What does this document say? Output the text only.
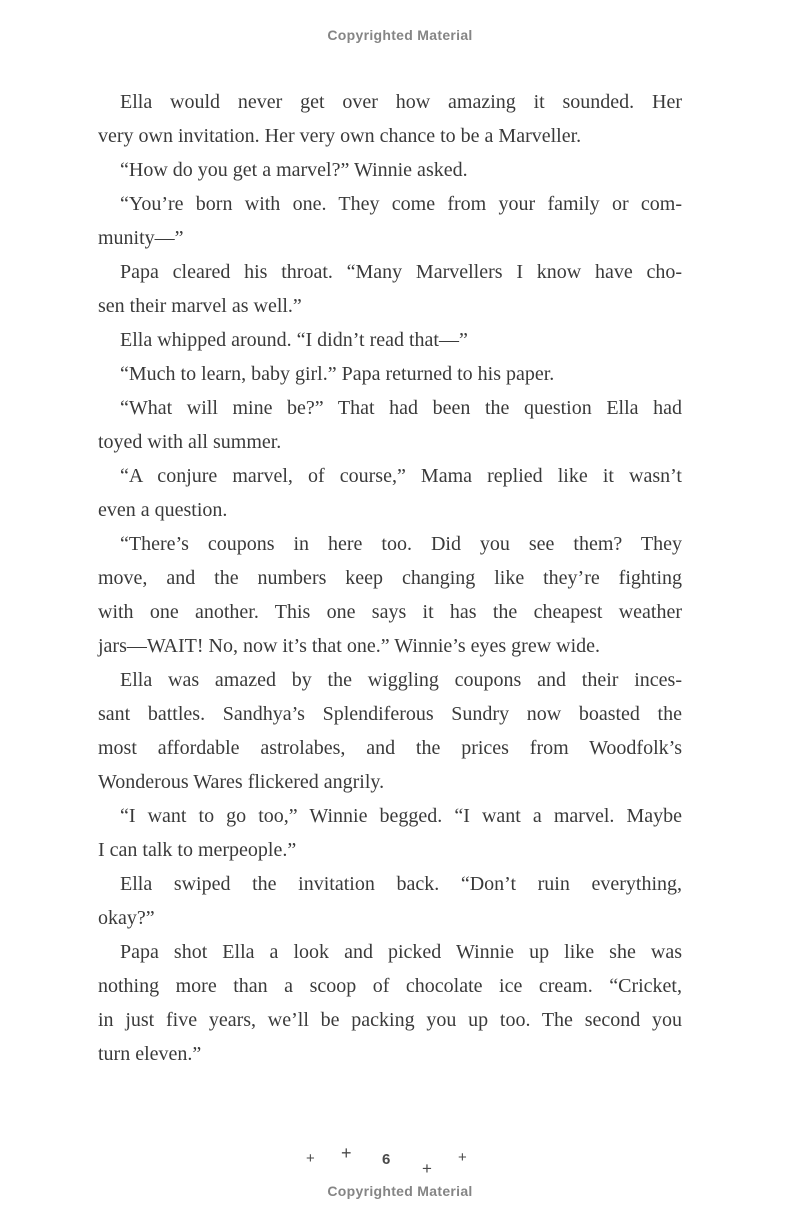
Copyrighted Material
Ella would never get over how amazing it sounded. Her
very own invitation. Her very own chance to be a Marveller.
“How do you get a marvel?” Winnie asked.
“You’re born with one. They come from your family or com-
munity—”
Papa cleared his throat. “Many Marvellers I know have cho-
sen their marvel as well.”
Ella whipped around. “I didn’t read that—”
“Much to learn, baby girl.” Papa returned to his paper.
“What will mine be?” That had been the question Ella had
toyed with all summer.
“A conjure marvel, of course,” Mama replied like it wasn’t
even a question.
“There’s coupons in here too. Did you see them? They
move, and the numbers keep changing like they’re fighting
with one another. This one says it has the cheapest weather
jars—WAIT! No, now it’s that one.” Winnie’s eyes grew wide.
Ella was amazed by the wiggling coupons and their inces-
sant battles. Sandhya’s Splendiferous Sundry now boasted the
most affordable astrolabes, and the prices from Woodfolk’s
Wonderous Wares flickered angrily.
“I want to go too,” Winnie begged. “I want a marvel. Maybe
I can talk to merpeople.”
Ella swiped the invitation back. “Don’t ruin everything,
okay?”
Papa shot Ella a look and picked Winnie up like she was
nothing more than a scoop of chocolate ice cream. “Cricket,
in just five years, we’ll be packing you up too. The second you
turn eleven.”
+ + 6 +
+
Copyrighted Material
